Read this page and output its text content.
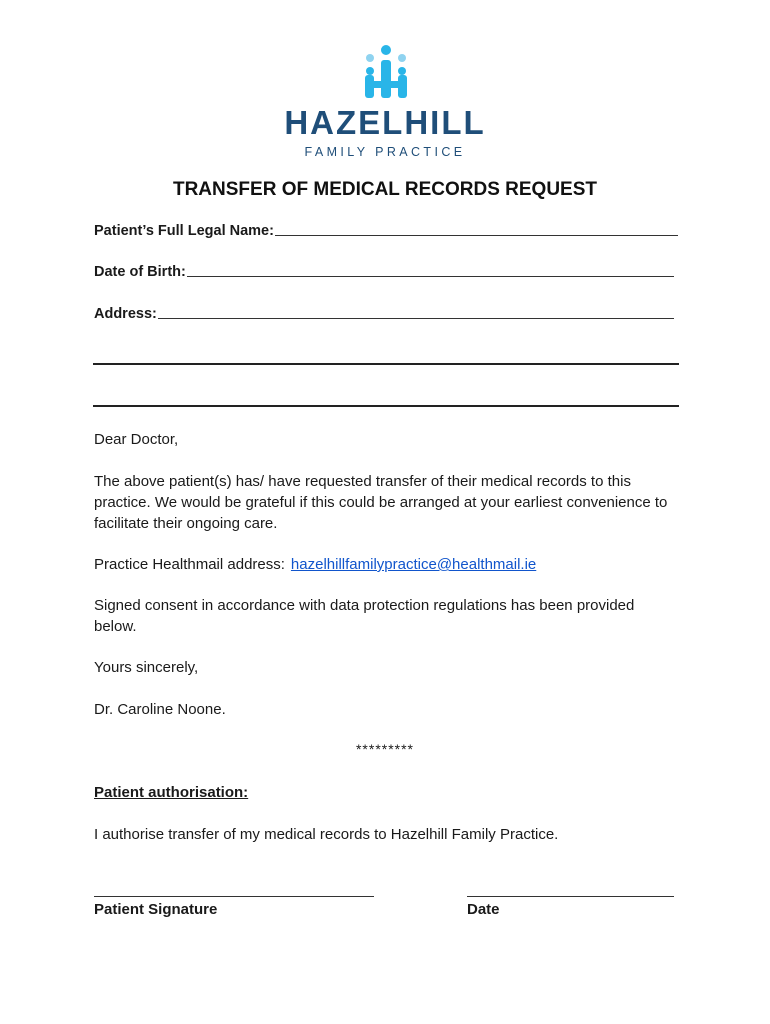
HAZELHILL
FAMILY PRACTICE
TRANSFER OF MEDICAL RECORDS REQUEST
Patient’s Full Legal Name:
Date of Birth:
Address:
Dear Doctor,
The above patient(s) has/ have requested transfer of their medical records to this practice. We would be grateful if this could be arranged at your earliest convenience to facilitate their ongoing care.
Practice Healthmail address: hazelhillfamilypractice@healthmail.ie
Signed consent in accordance with data protection regulations has been provided below.
Yours sincerely,
Dr. Caroline Noone.
*********
Patient authorisation:
I authorise transfer of my medical records to Hazelhill Family Practice.
Patient Signature	Date
